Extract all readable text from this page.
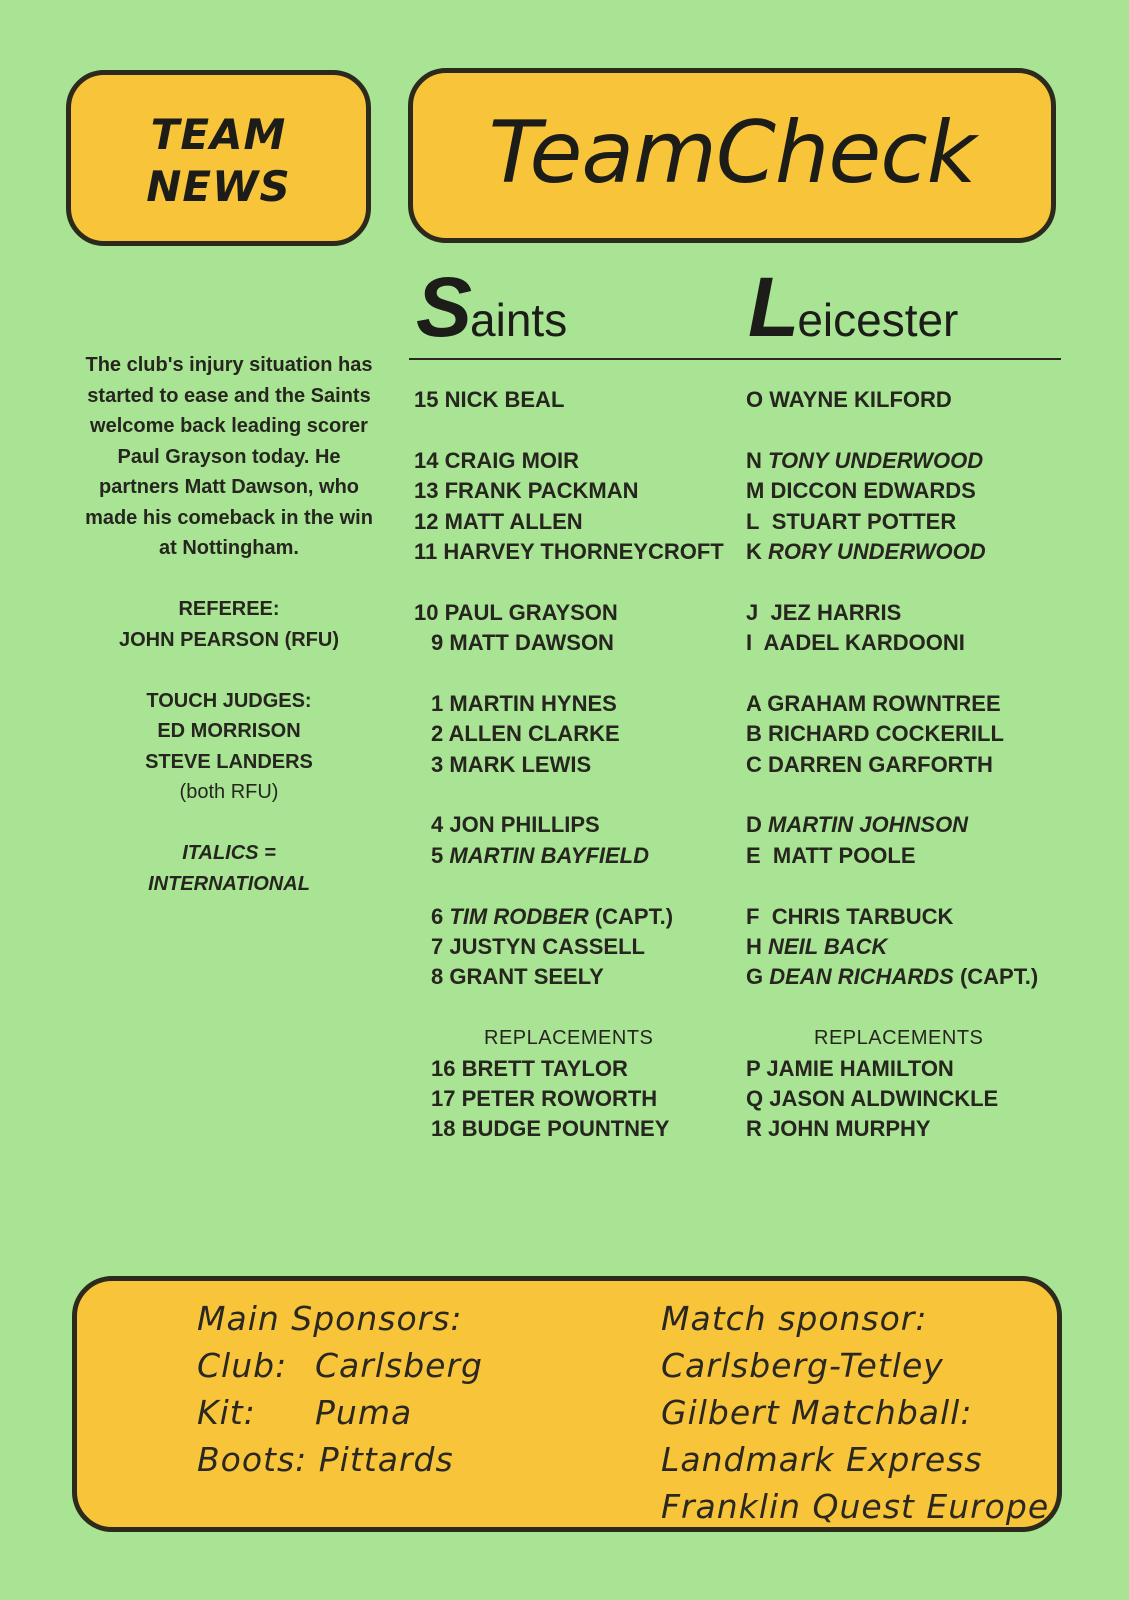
TEAM
NEWS	TeamCheck
Saints Leicester

The club's injury situation has started to ease and the Saints welcome back leading scorer Paul Grayson today. He partners Matt Dawson, who made his comeback in the win at Nottingham.

REFEREE:
JOHN PEARSON (RFU)

TOUCH JUDGES:
ED MORRISON
STEVE LANDERS
(both RFU)

ITALICS =
INTERNATIONAL

15 NICK BEAL
14 CRAIG MOIR
13 FRANK PACKMAN
12 MATT ALLEN
11 HARVEY THORNEYCROFT
10 PAUL GRAYSON
9 MATT DAWSON
1 MARTIN HYNES
2 ALLEN CLARKE
3 MARK LEWIS
4 JON PHILLIPS
5 MARTIN BAYFIELD
6 TIM RODBER (CAPT.)
7 JUSTYN CASSELL
8 GRANT SEELY
REPLACEMENTS
16 BRETT TAYLOR
17 PETER ROWORTH
18 BUDGE POUNTNEY
O WAYNE KILFORD
N TONY UNDERWOOD
M DICCON EDWARDS
L STUART POTTER
K RORY UNDERWOOD
J JEZ HARRIS
I AADEL KARDOONI
A GRAHAM ROWNTREE
B RICHARD COCKERILL
C DARREN GARFORTH
D MARTIN JOHNSON
E MATT POOLE
F CHRIS TARBUCK
H NEIL BACK
G DEAN RICHARDS (CAPT.)
REPLACEMENTS
P JAMIE HAMILTON
Q JASON ALDWINCKLE
R JOHN MURPHY
Main Sponsors:
Club: Carlsberg
Kit: Puma
Boots: Pittards
Match sponsor:
Carlsberg-Tetley
Gilbert Matchball:
Landmark Express
Franklin Quest Europe
